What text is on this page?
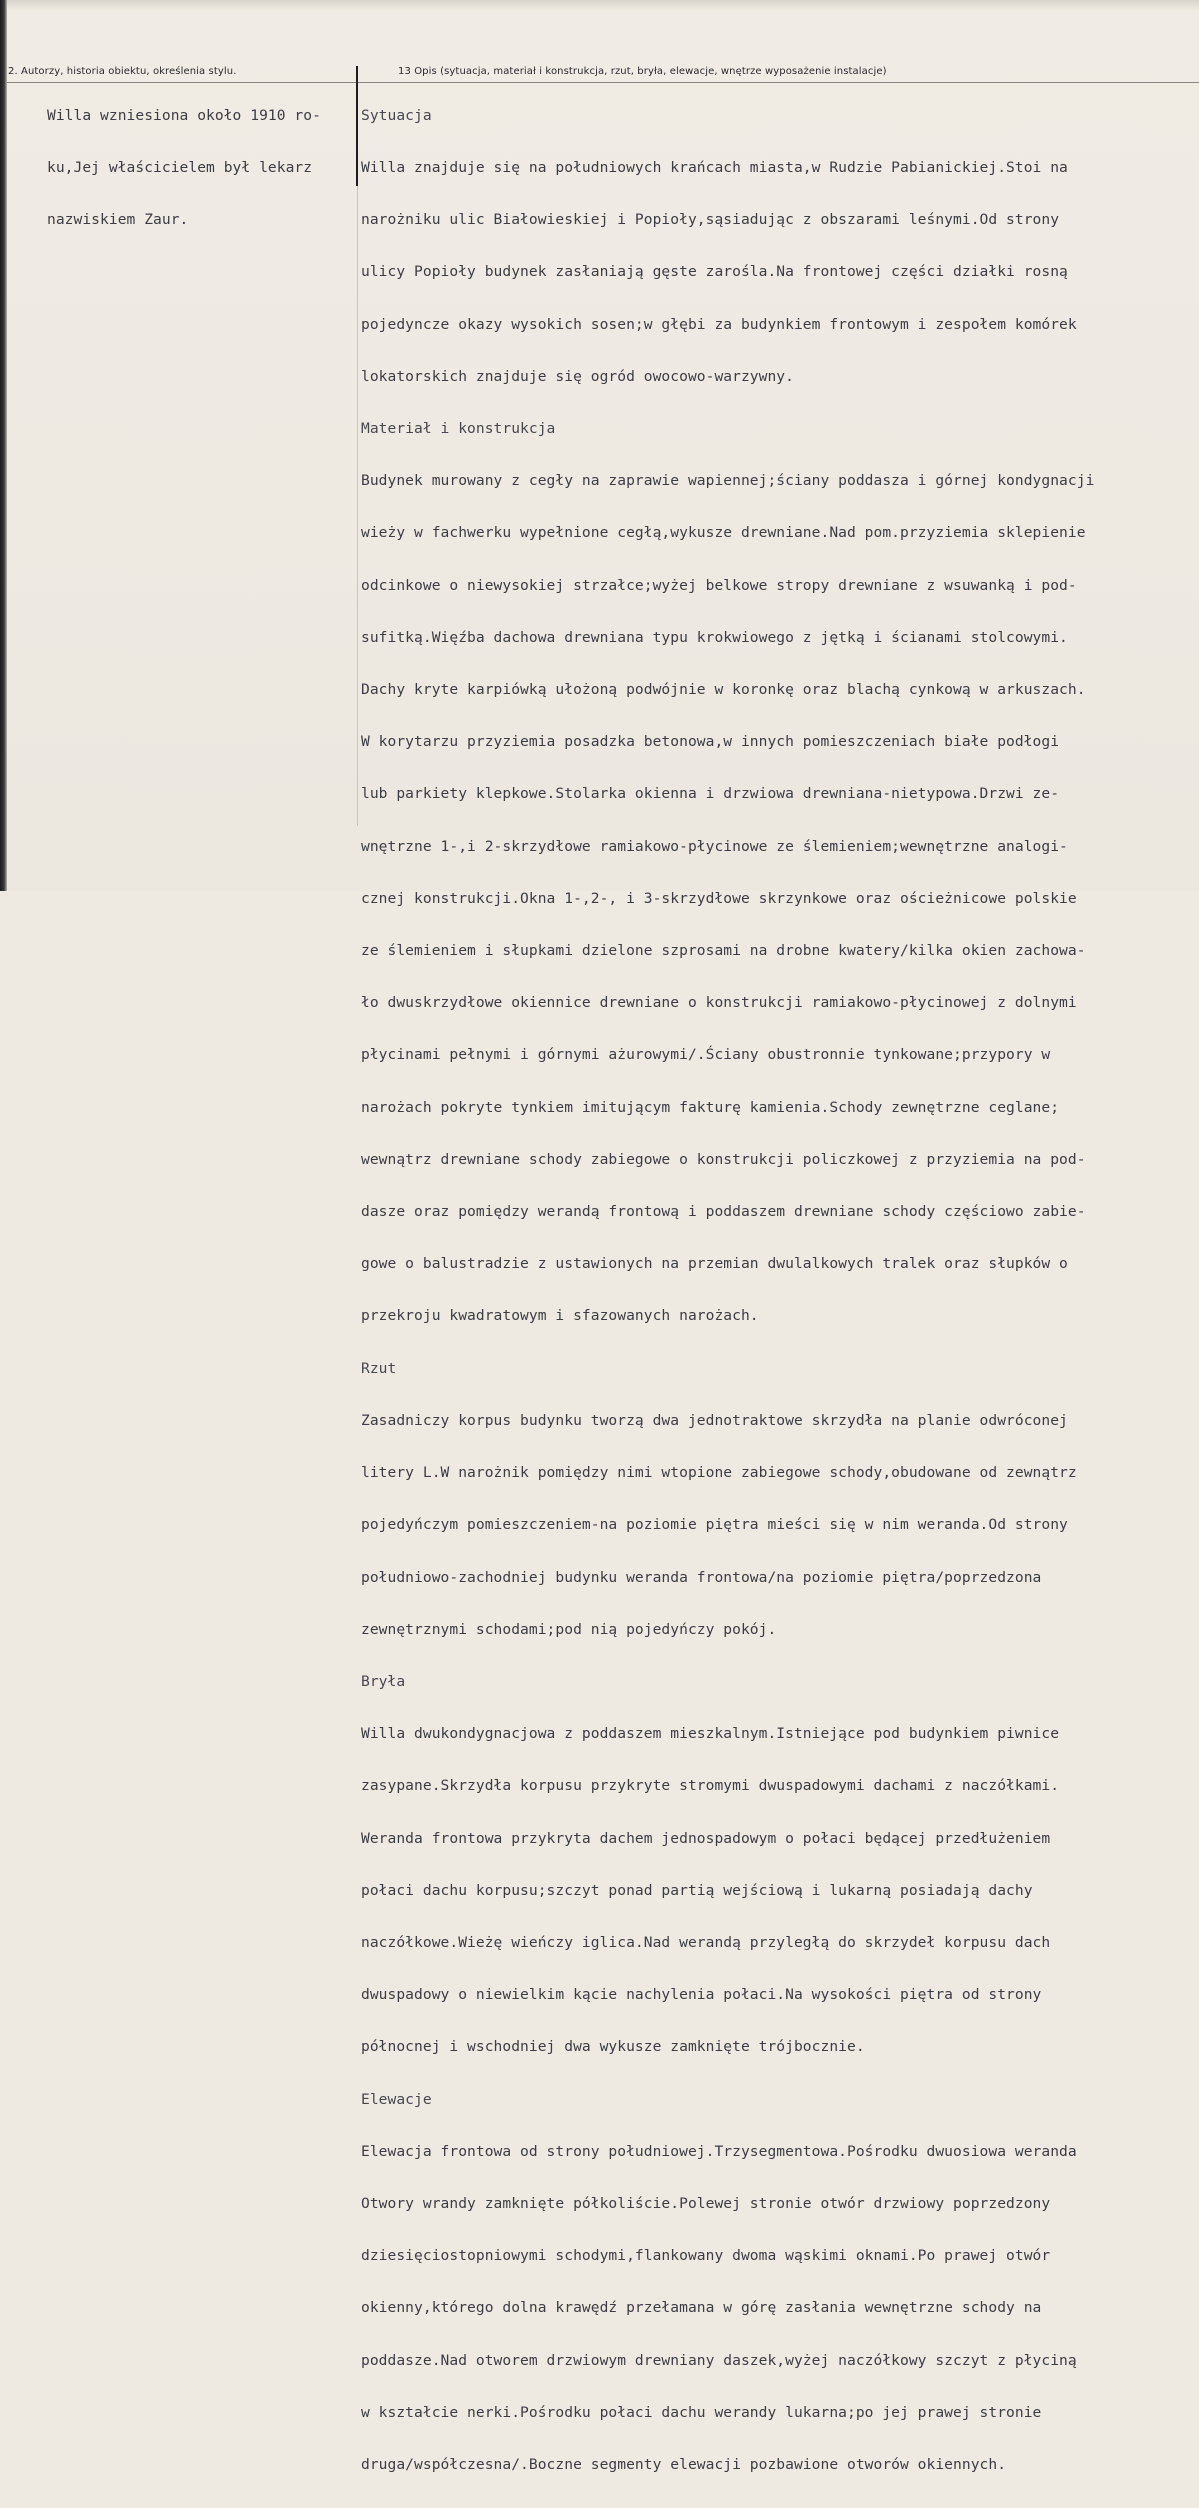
2. Autorzy, historia obiektu, określenia stylu.	13 Opis (sytuacja, materiał i konstrukcja, rzut, bryła, elewacje, wnętrze wyposażenie instalacje)

Willa wzniesiona około 1910 ro-

ku,Jej właścicielem był lekarz

nazwiskiem Zaur.

Sytuacja

Willa znajduje się na południowych krańcach miasta,w Rudzie Pabianickiej.Stoi na

narożniku ulic Białowieskiej i Popioły,sąsiadując z obszarami leśnymi.Od strony

ulicy Popioły budynek zasłaniają gęste zarośla.Na frontowej części działki rosną

pojedyncze okazy wysokich sosen;w głębi za budynkiem frontowym i zespołem komórek

lokatorskich znajduje się ogród owocowo-warzywny.

Materiał i konstrukcja

Budynek murowany z cegły na zaprawie wapiennej;ściany poddasza i górnej kondygnacji

wieży w fachwerku wypełnione cegłą,wykusze drewniane.Nad pom.przyziemia sklepienie

odcinkowe o niewysokiej strzałce;wyżej belkowe stropy drewniane z wsuwanką i pod-

sufitką.Więźba dachowa drewniana typu krokwiowego z jętką i ścianami stolcowymi.

Dachy kryte karpiówką ułożoną podwójnie w koronkę oraz blachą cynkową w arkuszach.

W korytarzu przyziemia posadzka betonowa,w innych pomieszczeniach białe podłogi

lub parkiety klepkowe.Stolarka okienna i drzwiowa drewniana-nietypowa.Drzwi ze-

wnętrzne 1-,i 2-skrzydłowe ramiakowo-płycinowe ze ślemieniem;wewnętrzne analogi-

cznej konstrukcji.Okna 1-,2-, i 3-skrzydłowe skrzynkowe oraz ościeżnicowe polskie

ze ślemieniem i słupkami dzielone szprosami na drobne kwatery/kilka okien zachowa-

ło dwuskrzydłowe okiennice drewniane o konstrukcji ramiakowo-płycinowej z dolnymi

płycinami pełnymi i górnymi ażurowymi/.Ściany obustronnie tynkowane;przypory w

narożach pokryte tynkiem imitującym fakturę kamienia.Schody zewnętrzne ceglane;

wewnątrz drewniane schody zabiegowe o konstrukcji policzkowej z przyziemia na pod-

dasze oraz pomiędzy werandą frontową i poddaszem drewniane schody częściowo zabie-

gowe o balustradzie z ustawionych na przemian dwulalkowych tralek oraz słupków o

przekroju kwadratowym i sfazowanych narożach.

Rzut

Zasadniczy korpus budynku tworzą dwa jednotraktowe skrzydła na planie odwróconej

litery L.W narożnik pomiędzy nimi wtopione zabiegowe schody,obudowane od zewnątrz

pojedyńczym pomieszczeniem-na poziomie piętra mieści się w nim weranda.Od strony

południowo-zachodniej budynku weranda frontowa/na poziomie piętra/poprzedzona

zewnętrznymi schodami;pod nią pojedyńczy pokój.

Bryła

Willa dwukondygnacjowa z poddaszem mieszkalnym.Istniejące pod budynkiem piwnice

zasypane.Skrzydła korpusu przykryte stromymi dwuspadowymi dachami z naczółkami.

Weranda frontowa przykryta dachem jednospadowym o połaci będącej przedłużeniem

połaci dachu korpusu;szczyt ponad partią wejściową i lukarną posiadają dachy

naczółkowe.Wieżę wieńczy iglica.Nad werandą przyległą do skrzydeł korpusu dach

dwuspadowy o niewielkim kącie nachylenia połaci.Na wysokości piętra od strony

północnej i wschodniej dwa wykusze zamknięte trójbocznie.

Elewacje

Elewacja frontowa od strony południowej.Trzysegmentowa.Pośrodku dwuosiowa weranda

Otwory wrandy zamknięte półkoliście.Polewej stronie otwór drzwiowy poprzedzony

dziesięciostopniowymi schodymi,flankowany dwoma wąskimi oknami.Po prawej otwór

okienny,którego dolna krawędź przełamana w górę zasłania wewnętrzne schody na

poddasze.Nad otworem drzwiowym drewniany daszek,wyżej naczółkowy szczyt z płyciną

w kształcie nerki.Pośrodku połaci dachu werandy lukarna;po jej prawej stronie

druga/współczesna/.Boczne segmenty elewacji pozbawione otworów okiennych.
